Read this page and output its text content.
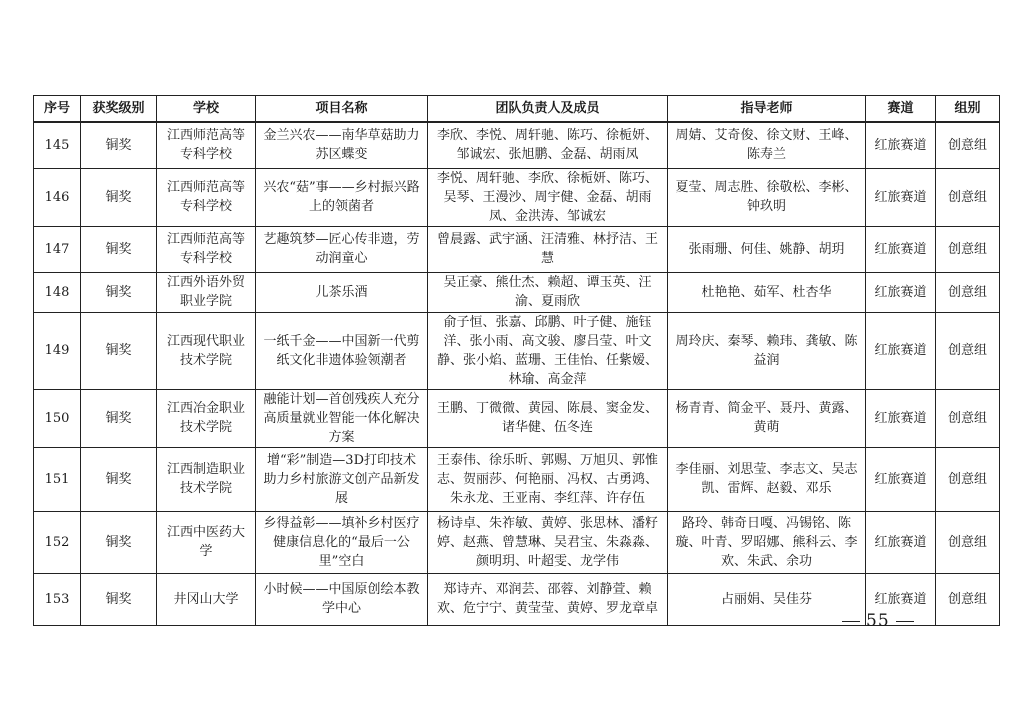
序号	获奖级别	学校	项目名称	团队负责人及成员	指导老师	赛道	组别
145	铜奖	江西师范高等专科学校	金兰兴农——南华草菇助力苏区蝶变	李欣、李悦、周轩驰、陈巧、徐栀妍、邹诚宏、张旭鹏、金磊、胡雨凤	周婧、艾奇俊、徐文财、王峰、陈寿兰	红旅赛道	创意组
146	铜奖	江西师范高等专科学校	兴农“菇”事——乡村振兴路上的领菌者	李悦、周轩驰、李欣、徐栀妍、陈巧、吴琴、王漫沙、周宇健、金磊、胡雨凤、金洪涛、邹诚宏	夏莹、周志胜、徐敬松、李彬、钟玖明	红旅赛道	创意组
147	铜奖	江西师范高等专科学校	艺趣筑梦—匠心传非遗，劳动润童心	曾晨露、武宇涵、汪清雅、林抒洁、王慧	张雨珊、何佳、姚静、胡玥	红旅赛道	创意组
148	铜奖	江西外语外贸职业学院	儿茶乐酒	吴正豪、熊仕杰、赖超、谭玉英、汪渝、夏雨欣	杜艳艳、茹军、杜杏华	红旅赛道	创意组
149	铜奖	江西现代职业技术学院	一纸千金——中国新一代剪纸文化非遗体验领潮者	俞子恒、张嘉、邱鹏、叶子健、施钰洋、张小雨、高文骏、廖吕莹、叶文静、张小焰、蓝珊、王佳怡、任紫嫒、林瑜、高金萍	周玲庆、秦琴、赖玮、龚敏、陈益润	红旅赛道	创意组
150	铜奖	江西冶金职业技术学院	融能计划—首创残疾人充分高质量就业智能一体化解决方案	王鹏、丁微微、黄园、陈晨、窦金发、诸华健、伍冬连	杨青青、简金平、聂丹、黄露、黄萌	红旅赛道	创意组
151	铜奖	江西制造职业技术学院	增“彩”制造—3D打印技术助力乡村旅游文创产品新发展	王泰伟、徐乐昕、郭赐、万旭贝、郭惟志、贺丽莎、何艳丽、冯权、古勇鸿、朱永龙、王亚南、李红萍、许存伍	李佳丽、刘思莹、李志文、吴志凯、雷辉、赵毅、邓乐	红旅赛道	创意组
152	铜奖	江西中医药大学	乡得益彰——填补乡村医疗健康信息化的“最后一公里”空白	杨诗卓、朱祚敏、黄婷、张思林、潘籽婷、赵燕、曾慧琳、吴君宝、朱淼淼、颜明玥、叶超雯、龙学伟	路玲、韩奇日嘎、冯锡铭、陈璇、叶青、罗昭娜、熊科云、李欢、朱武、余功	红旅赛道	创意组
153	铜奖	井冈山大学	小时候——中国原创绘本教学中心	郑诗卉、邓润芸、邵蓉、刘静萱、赖欢、危宁宁、黄莹莹、黄婷、罗龙章卓	占丽娟、吴佳芬	红旅赛道	创意组
55
